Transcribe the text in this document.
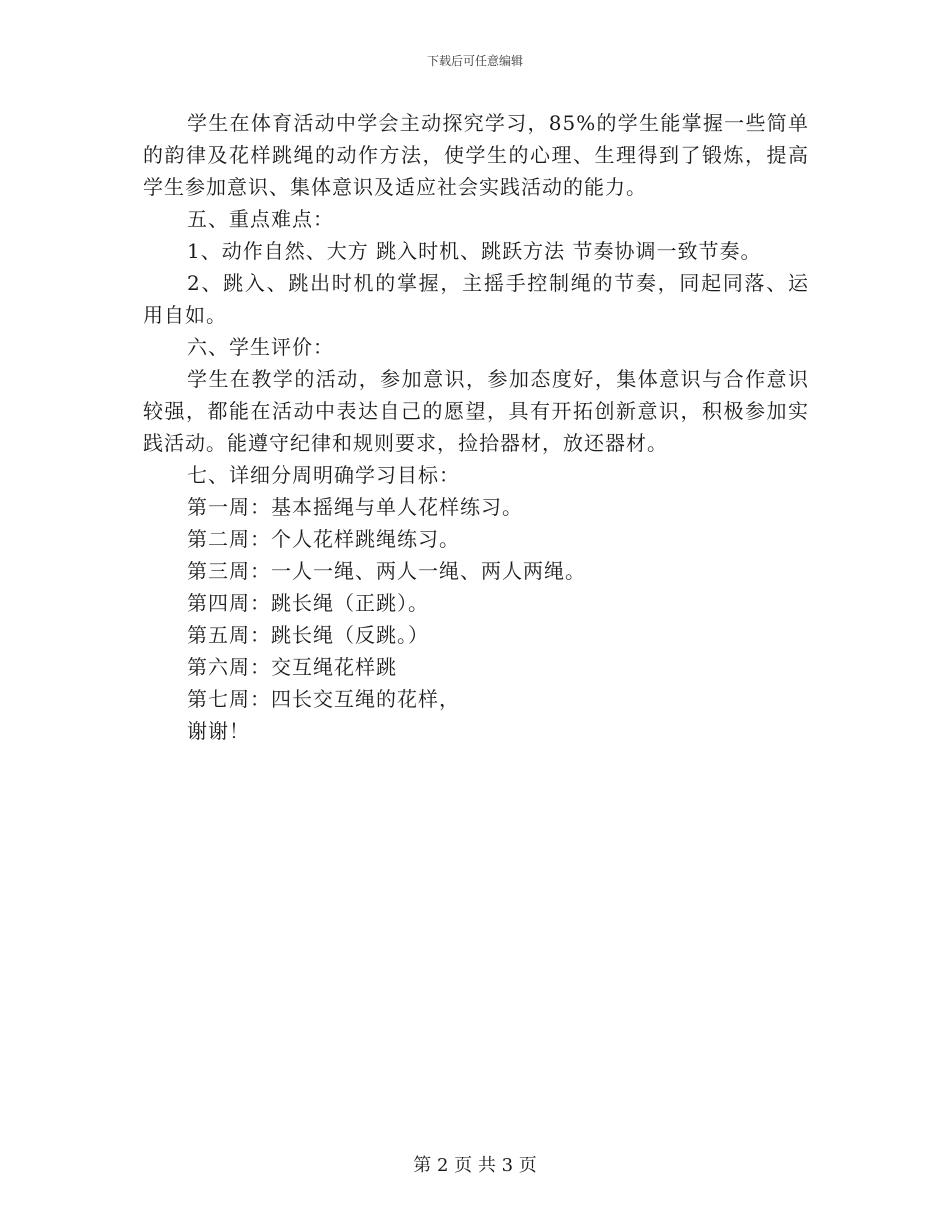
下载后可任意编辑

学生在体育活动中学会主动探究学习，85%的学生能掌握一些简单的韵律及花样跳绳的动作方法，使学生的心理、生理得到了锻炼，提高学生参加意识、集体意识及适应社会实践活动的能力。

五、重点难点：

1、动作自然、大方 跳入时机、跳跃方法 节奏协调一致节奏。

2、跳入、跳出时机的掌握，主摇手控制绳的节奏，同起同落、运用自如。

六、学生评价：

学生在教学的活动，参加意识，参加态度好，集体意识与合作意识较强，都能在活动中表达自己的愿望，具有开拓创新意识，积极参加实践活动。能遵守纪律和规则要求，捡拾器材，放还器材。

七、详细分周明确学习目标：

第一周：基本摇绳与单人花样练习。

第二周：个人花样跳绳练习。

第三周：一人一绳、两人一绳、两人两绳。

第四周：跳长绳（正跳）。

第五周：跳长绳（反跳。）

第六周：交互绳花样跳

第七周：四长交互绳的花样，

谢谢！

第 2 页 共 3 页
